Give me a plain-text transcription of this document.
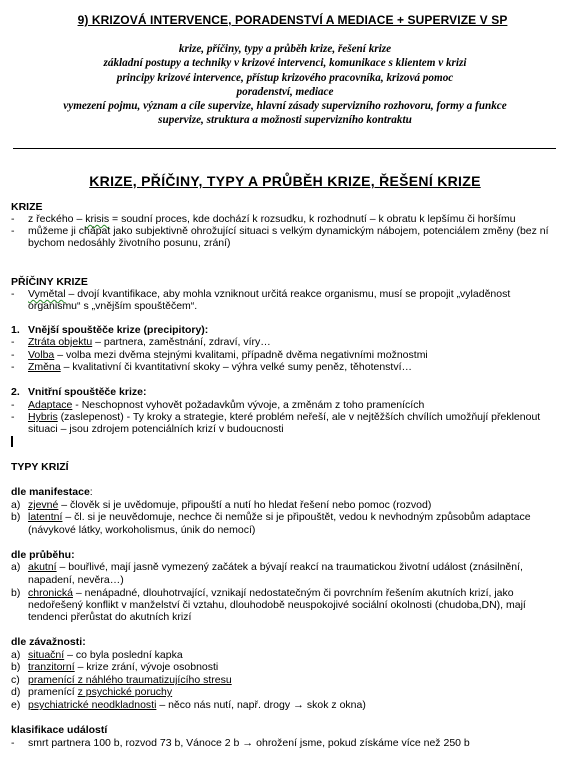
9) KRIZOVÁ INTERVENCE, PORADENSTVÍ A MEDIACE + SUPERVIZE V SP
krize, příčiny, typy a průběh krize, řešení krize
základní postupy a techniky v krizové intervenci, komunikace s klientem v krizi
principy krizové intervence, přístup krizového pracovníka, krizová pomoc
poradenství, mediace
vymezení pojmu, význam a cíle supervize, hlavní zásady supervizního rozhovoru, formy a funkce
supervize, struktura a možnosti supervizního kontraktu
KRIZE, PŘÍČINY, TYPY A PRŮBĚH KRIZE, ŘEŠENÍ KRIZE
KRIZE
- z řeckého – krisis = soudní proces, kde dochází k rozsudku, k rozhodnutí – k obratu k lepšímu či horšímu
- můžeme ji chápat jako subjektivně ohrožující situaci s velkým dynamickým nábojem, potenciálem změny (bez ní
bychom nedosáhly životního posunu, zrání)
PŘÍČINY KRIZE
- Vymětal – dvojí kvantifikace, aby mohla vzniknout určitá reakce organismu, musí se propojit „vyladěnost
organismu“ s „vnějším spouštěčem“.
1. Vnější spouštěče krize (precipitory):
- Ztráta objektu – partnera, zaměstnání, zdraví, víry…
- Volba – volba mezi dvěma stejnými kvalitami, případně dvěma negativními možnostmi
- Změna – kvalitativní či kvantitativní skoky – výhra velké sumy peněz, těhotenství…
2. Vnitřní spouštěče krize:
- Adaptace - Neschopnost vyhovět požadavkům vývoje, a změnám z toho pramenících
- Hybris (zaslepenost) - Ty kroky a strategie, které problém neřeší, ale v nejtěžších chvílích umožňují překlenout
situaci – jsou zdrojem potenciálních krizí v budoucnosti
TYPY KRIZÍ
dle manifestace:
a) zjevné – člověk si je uvědomuje, připouští a nutí ho hledat řešení nebo pomoc (rozvod)
b) latentní – čl. si je neuvědomuje, nechce či nemůže si je připouštět, vedou k nevhodným způsobům adaptace
(návykové látky, workoholismus, únik do nemocí)
dle průběhu:
a) akutní – bouřlivé, mají jasně vymezený začátek a bývají reakcí na traumatickou životní událost (znásilnění,
napadení, nevěra…)
b) chronická – nenápadné, dlouhotrvající, vznikají nedostatečným či povrchním řešením akutních krizí, jako
nedořešený konflikt v manželství či vztahu, dlouhodobě neuspokojivé sociální okolnosti (chudoba,DN), mají
tendenci přerůstat do akutních krizí
dle závažnosti:
a) situační – co byla poslední kapka
b) tranzitorní – krize zrání, vývoje osobnosti
c) pramenící z náhlého traumatizujícího stresu
d) pramenící z psychické poruchy
e) psychiatrické neodkladnosti – něco nás nutí, např. drogy → skok z okna)
klasifikace událostí
- smrt partnera 100 b, rozvod 73 b, Vánoce 2 b → ohrožení jsme, pokud získáme více než 250 b
